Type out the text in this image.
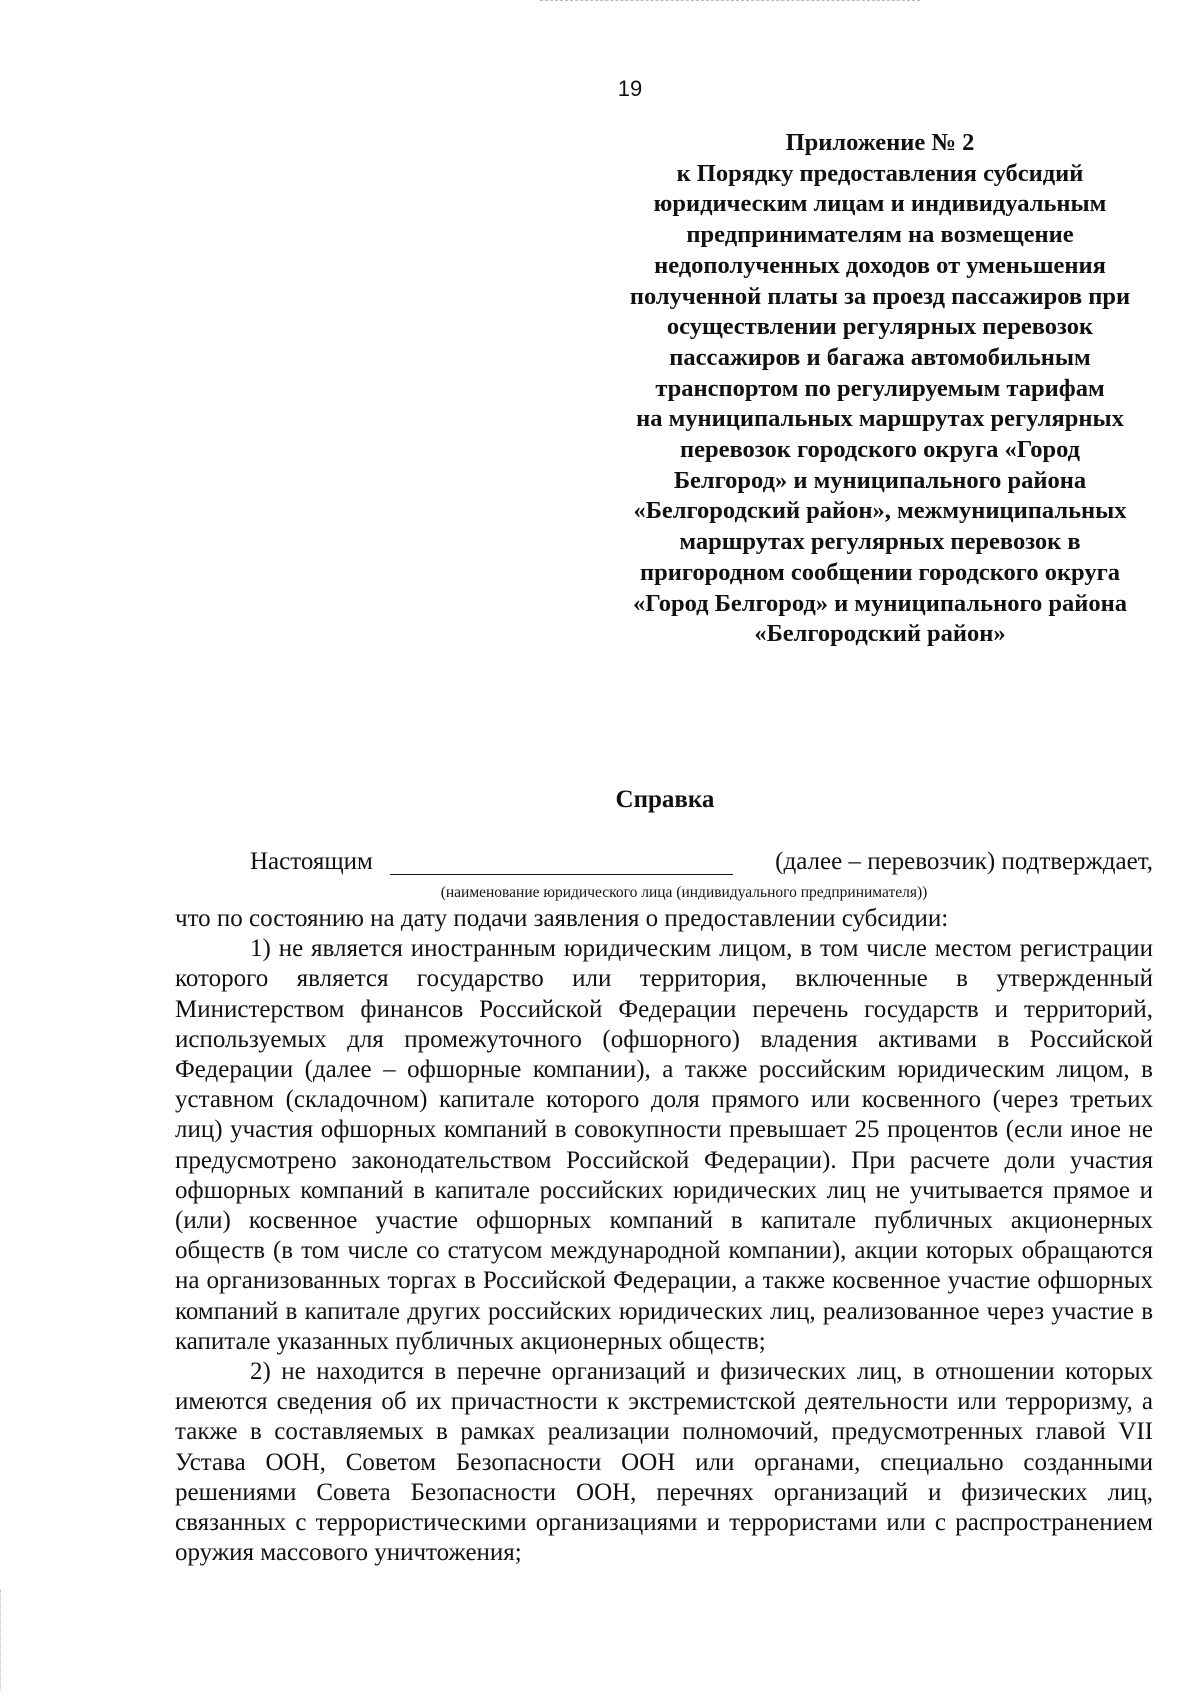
19
Приложение № 2
к Порядку предоставления субсидий
юридическим лицам и индивидуальным
предпринимателям на возмещение
недополученных доходов от уменьшения
полученной платы за проезд пассажиров при
осуществлении регулярных перевозок
пассажиров и багажа автомобильным
транспортом по регулируемым тарифам
на муниципальных маршрутах регулярных
перевозок городского округа «Город
Белгород» и муниципального района
«Белгородский район», межмуниципальных
маршрутах регулярных перевозок в
пригородном сообщении городского округа
«Город Белгород» и муниципального района
«Белгородский район»
Справка
Настоящим	(далее – перевозчик) подтверждает,
(наименование юридического лица (индивидуального предпринимателя))

что по состоянию на дату подачи заявления о предоставлении субсидии:

1) не является иностранным юридическим лицом, в том числе местом регистрации которого является государство или территория, включенные в утвержденный Министерством финансов Российской Федерации перечень государств и территорий, используемых для промежуточного (офшорного) владения активами в Российской Федерации (далее – офшорные компании), а также российским юридическим лицом, в уставном (складочном) капитале которого доля прямого или косвенного (через третьих лиц) участия офшорных компаний в совокупности превышает 25 процентов (если иное не предусмотрено законодательством Российской Федерации). При расчете доли участия офшорных компаний в капитале российских юридических лиц не учитывается прямое и (или) косвенное участие офшорных компаний в капитале публичных акционерных обществ (в том числе со статусом международной компании), акции которых обращаются на организованных торгах в Российской Федерации, а также косвенное участие офшорных компаний в капитале других российских юридических лиц, реализованное через участие в капитале указанных публичных акционерных обществ;

2) не находится в перечне организаций и физических лиц, в отношении которых имеются сведения об их причастности к экстремистской деятельности или терроризму, а также в составляемых в рамках реализации полномочий, предусмотренных главой VII Устава ООН, Советом Безопасности ООН или органами, специально созданными решениями Совета Безопасности ООН, перечнях организаций и физических лиц, связанных с террористическими организациями и террористами или с распространением оружия массового уничтожения;
